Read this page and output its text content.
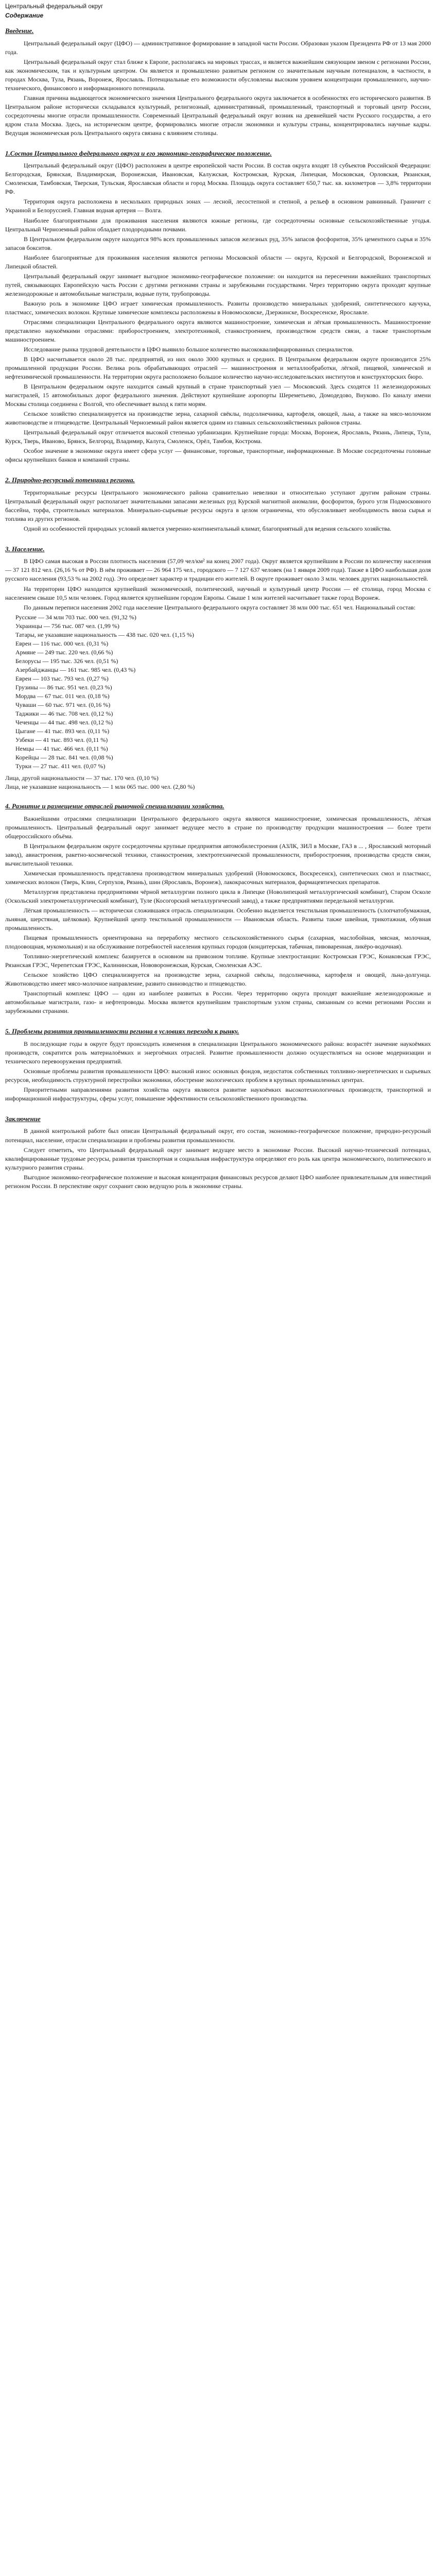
Центральный федеральный округ
Содержание
Введение.

Центральный федеральный округ (ЦФО) — административное формирование в западной части России. Образован указом Президента РФ от 13 мая 2000 года.

Центральный федеральный округ стал ближе к Европе, располагаясь на мировых трассах, и является важнейшим связующим звеном с регионами России, как экономическим, так и культурным центром. Он является и промышленно развитым регионом со значительным научным потенциалом, в частности, в городах Москва, Тула, Рязань, Воронеж, Ярославль. Потенциальные его возможности обусловлены высоким уровнем концентрации промышленного, научно-технического, финансового и информационного потенциала.

Главная причина выдающегося экономического значения Центрального федерального округа заключается в особенностях его исторического развития. В Центральном районе исторически складывался культурный, религиозный, административный, промышленный, транспортный и торговый центр России, сосредоточены многие отрасли промышленности. Современный Центральный федеральный округ возник на древнейшей части Русского государства, а его ядром стала Москва. Здесь, на историческом центре, формировались многие отрасли экономики и культуры страны, концентрировались научные кадры. Ведущая экономическая роль Центрального округа связана с влиянием столицы.

1.Состав Центрального федерального округа и его экономико-географическое положение.

Центральный федеральный округ (ЦФО) расположен в центре европейской части России. В состав округа входят 18 субъектов Российской Федерации: Белгородская, Брянская, Владимирская, Воронежская, Ивановская, Калужская, Костромская, Курская, Липецкая, Московская, Орловская, Рязанская, Смоленская, Тамбовская, Тверская, Тульская, Ярославская области и город Москва. Площадь округа составляет 650,7 тыс. кв. километров — 3,8% территории РФ.

Территория округа расположена в нескольких природных зонах — лесной, лесостепной и степной, а рельеф в основном равнинный. Граничит с Украиной и Белоруссией. Главная водная артерия — Волга.

Наиболее благоприятными для проживания населения являются южные регионы, где сосредоточены основные сельскохозяйственные угодья. Центральный Черноземный район обладает плодородными почвами.

В Центральном федеральном округе находится 98% всех промышленных запасов железных руд, 35% запасов фосфоритов, 35% цементного сырья и 35% запасов бокситов.

Наиболее благоприятные для проживания населения являются регионы Московской области — округа, Курской и Белгородской, Воронежской и Липецкой областей.

Центральный федеральный округ занимает выгодное экономико-географическое положение: он находится на пересечении важнейших транспортных путей, связывающих Европейскую часть России с другими регионами страны и зарубежными государствами. Через территорию округа проходят крупные железнодорожные и автомобильные магистрали, водные пути, трубопроводы.

Важную роль в экономике ЦФО играет химическая промышленность. Развиты производство минеральных удобрений, синтетического каучука, пластмасс, химических волокон. Крупные химические комплексы расположены в Новомосковске, Дзержинске, Воскресенске, Ярославле.

Отраслями специализации Центрального федерального округа являются машиностроение, химическая и лёгкая промышленность. Машиностроение представлено наукоёмкими отраслями: приборостроением, электротехникой, станкостроением, производством средств связи, а также транспортным машиностроением.

Исследование рынка трудовой деятельности в ЦФО выявило большое количество высококвалифицированных специалистов.

В ЦФО насчитывается около 28 тыс. предприятий, из них около 3000 крупных и средних. В Центральном федеральном округе производится 25% промышленной продукции России. Велика роль обрабатывающих отраслей — машиностроения и металлообработки, лёгкой, пищевой, химической и нефтехимической промышленности. На территории округа расположено большое количество научно-исследовательских институтов и конструкторских бюро.

В Центральном федеральном округе находится самый крупный в стране транспортный узел — Московский. Здесь сходятся 11 железнодорожных магистралей, 15 автомобильных дорог федерального значения. Действуют крупнейшие аэропорты Шереметьево, Домодедово, Внуково. По каналу имени Москвы столица соединена с Волгой, что обеспечивает выход к пяти морям.

Сельское хозяйство специализируется на производстве зерна, сахарной свёклы, подсолнечника, картофеля, овощей, льна, а также на мясо-молочном животноводстве и птицеводстве. Центральный Черноземный район является одним из главных сельскохозяйственных районов страны.

Центральный федеральный округ отличается высокой степенью урбанизации. Крупнейшие города: Москва, Воронеж, Ярославль, Рязань, Липецк, Тула, Курск, Тверь, Иваново, Брянск, Белгород, Владимир, Калуга, Смоленск, Орёл, Тамбов, Кострома.

Особое значение в экономике округа имеет сфера услуг — финансовые, торговые, транспортные, информационные. В Москве сосредоточены головные офисы крупнейших банков и компаний страны.

2. Природно-ресурсный потенциал региона.

Территориальные ресурсы Центрального экономического района сравнительно невелики и относительно уступают другим районам страны. Центральный федеральный округ располагает значительными запасами железных руд Курской магнитной аномалии, фосфоритов, бурого угля Подмосковного бассейна, торфа, строительных материалов. Минерально-сырьевые ресурсы округа в целом ограничены, что обусловливает необходимость ввоза сырья и топлива из других регионов.

Одной из особенностей природных условий является умеренно-континентальный климат, благоприятный для ведения сельского хозяйства.

3. Население.

В ЦФО самая высокая в России плотность населения (57,09 чел/км² на конец 2007 года). Округ является крупнейшим в России по количеству населения — 37 121 812 чел. (26,16 % от РФ). В нём проживает — 26 964 175 чел., городского — 7 127 637 человек (на 1 января 2009 года). Также в ЦФО наибольшая доля русского населения (93,53 % на 2002 год). Это определяет характер и традиции его жителей. В округе проживает около 3 млн. человек других национальностей.

На территории ЦФО находится крупнейший экономический, политический, научный и культурный центр России — её столица, город Москва с населением свыше 10,5 млн человек. Город является крупнейшим городом Европы. Свыше 1 млн жителей насчитывает также город Воронеж.

По данным переписи населения 2002 года население Центрального федерального округа составляет 38 млн 000 тыс. 651 чел. Национальный состав:

Русские — 34 млн 703 тыс. 000 чел. (91,32 %)

Украинцы — 756 тыс. 087 чел. (1,99 %)

Татары, не указавшие национальность — 438 тыс. 020 чел. (1,15 %)

Евреи — 116 тыс. 000 чел. (0,31 %)

Армяне — 249 тыс. 220 чел. (0,66 %)

Белорусы — 195 тыс. 326 чел. (0,51 %)

Азербайджанцы — 161 тыс. 985 чел. (0,43 %)

Евреи — 103 тыс. 793 чел. (0,27 %)

Грузины — 86 тыс. 951 чел. (0,23 %)

Мордва — 67 тыс. 011 чел. (0,18 %)

Чуваши — 60 тыс. 971 чел. (0,16 %)

Таджики — 46 тыс. 708 чел. (0,12 %)

Чеченцы — 44 тыс. 498 чел. (0,12 %)

Цыгане — 41 тыс. 893 чел. (0,11 %)

Узбеки — 41 тыс. 893 чел. (0,11 %)

Немцы — 41 тыс. 466 чел. (0,11 %)

Корейцы — 28 тыс. 841 чел. (0,08 %)

Турки — 27 тыс. 411 чел. (0,07 %)

Лица, другой национальности — 37 тыс. 170 чел. (0,10 %)

Лица, не указавшие национальность — 1 млн 065 тыс. 000 чел. (2,80 %)

4. Развитие и размещение отраслей рыночной специализации хозяйства.

Важнейшими отраслями специализации Центрального федерального округа являются машиностроение, химическая промышленность, лёгкая промышленность. Центральный федеральный округ занимает ведущее место в стране по производству продукции машиностроения — более трети общероссийского объёма.

В Центральном федеральном округе сосредоточены крупные предприятия автомобилестроения (АЗЛК, ЗИЛ в Москве, ГАЗ в ... , Ярославский моторный завод), авиастроения, ракетно-космической техники, станкостроения, электротехнической промышленности, приборостроения, производства средств связи, вычислительной техники.

Химическая промышленность представлена производством минеральных удобрений (Новомосковск, Воскресенск), синтетических смол и пластмасс, химических волокон (Тверь, Клин, Серпухов, Рязань), шин (Ярославль, Воронеж), лакокрасочных материалов, фармацевтических препаратов.

Металлургия представлена предприятиями чёрной металлургии полного цикла в Липецке (Новолипецкий металлургический комбинат), Старом Осколе (Оскольский электрометаллургический комбинат), Туле (Косогорский металлургический завод), а также предприятиями передельной металлургии.

Лёгкая промышленность — исторически сложившаяся отрасль специализации. Особенно выделяется текстильная промышленность (хлопчатобумажная, льняная, шерстяная, шёлковая). Крупнейший центр текстильной промышленности — Ивановская область. Развиты также швейная, трикотажная, обувная промышленность.

Пищевая промышленность ориентирована на переработку местного сельскохозяйственного сырья (сахарная, маслобойная, мясная, молочная, плодоовощная, мукомольная) и на обслуживание потребностей населения крупных городов (кондитерская, табачная, пивоваренная, ликёро-водочная).

Топливно-энергетический комплекс базируется в основном на привозном топливе. Крупные электростанции: Костромская ГРЭС, Конаковская ГРЭС, Рязанская ГРЭС, Черепетская ГРЭС, Калининская, Нововоронежская, Курская, Смоленская АЭС.

Сельское хозяйство ЦФО специализируется на производстве зерна, сахарной свёклы, подсолнечника, картофеля и овощей, льна-долгунца. Животноводство имеет мясо-молочное направление, развито свиноводство и птицеводство.

Транспортный комплекс ЦФО — один из наиболее развитых в России. Через территорию округа проходят важнейшие железнодорожные и автомобильные магистрали, газо- и нефтепроводы. Москва является крупнейшим транспортным узлом страны, связанным со всеми регионами России и зарубежными странами.

5. Проблемы развития промышленности региона в условиях перехода к рынку.

В последующие годы в округе будут происходить изменения в специализации Центрального экономического района: возрастёт значение наукоёмких производств, сократится роль материалоёмких и энергоёмких отраслей. Развитие промышленности должно осуществляться на основе модернизации и технического перевооружения предприятий.

Основные проблемы развития промышленности ЦФО: высокий износ основных фондов, недостаток собственных топливно-энергетических и сырьевых ресурсов, необходимость структурной перестройки экономики, обострение экологических проблем в крупных промышленных центрах.

Приоритетными направлениями развития хозяйства округа являются развитие наукоёмких высокотехнологичных производств, транспортной и информационной инфраструктуры, сферы услуг, повышение эффективности сельскохозяйственного производства.

Заключение

В данной контрольной работе был описан Центральный федеральный округ, его состав, экономико-географическое положение, природно-ресурсный потенциал, население, отрасли специализации и проблемы развития промышленности.

Следует отметить, что Центральный федеральный округ занимает ведущее место в экономике России. Высокий научно-технический потенциал, квалифицированные трудовые ресурсы, развитая транспортная и социальная инфраструктура определяют его роль как центра экономического, политического и культурного развития страны.

Выгодное экономико-географическое положение и высокая концентрация финансовых ресурсов делают ЦФО наиболее привлекательным для инвестиций регионом России. В перспективе округ сохранит свою ведущую роль в экономике страны.
